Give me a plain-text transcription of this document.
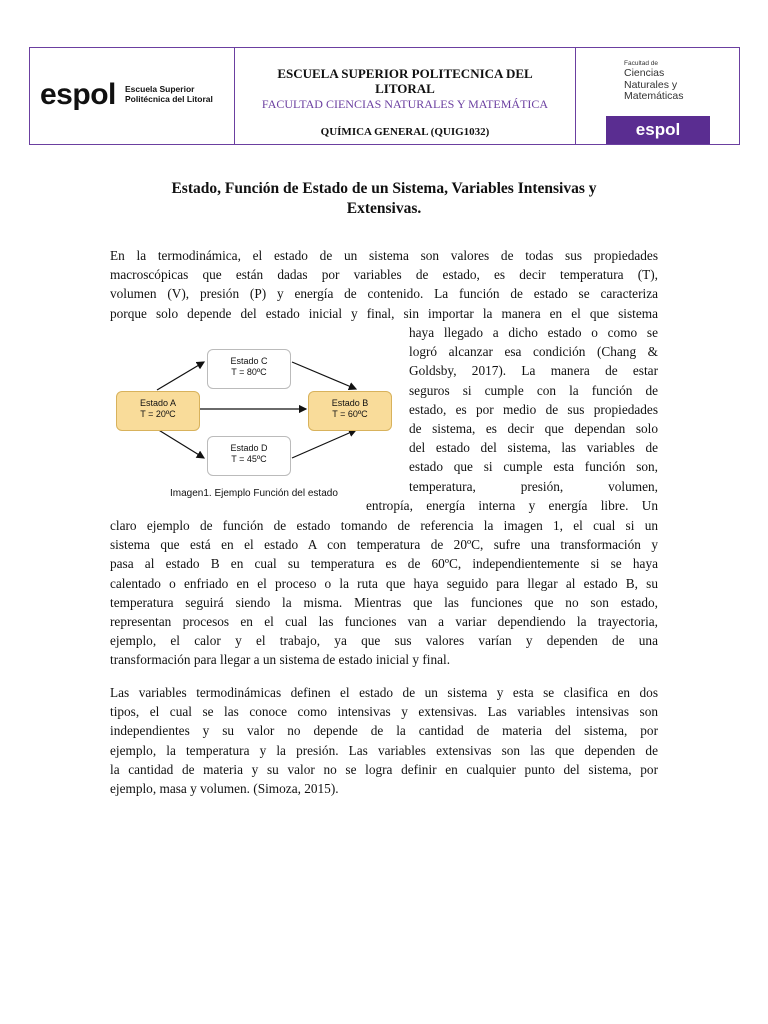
espol Escuela Superior
Politécnica del Litoral
ESCUELA SUPERIOR POLITECNICA DEL
LITORAL
FACULTAD CIENCIAS NATURALES Y MATEMÁTICA
QUÍMICA GENERAL (QUIG1032)
Facultad de
Ciencias
Naturales y
Matemáticas
espol
Estado, Función de Estado de un Sistema, Variables Intensivas y
Extensivas.
En la termodinámica, el estado de un sistema son valores de todas sus propiedades
macroscópicas que están dadas por variables de estado, es decir temperatura (T),
volumen (V), presión (P) y energía de contenido. La función de estado se caracteriza
porque solo depende del estado inicial y final, sin importar la manera en el que sistema
haya llegado a dicho estado o como se
logró alcanzar esa condición (Chang &
Goldsby, 2017). La manera de estar
seguros si cumple con la función de
estado, es por medio de sus propiedades
de sistema, es decir que dependan solo
del estado del sistema, las variables de
estado que si cumple esta función son,
temperatura,       presión,       volumen,
entropía, energía interna y energía libre. Un
claro ejemplo de función de estado tomando de referencia la imagen 1, el cual si un
sistema que está en el estado A con temperatura de 20ºC, sufre una transformación y
pasa al estado B en cual su temperatura es de 60ºC, independientemente si se haya
calentado o enfriado en el proceso o la ruta que haya seguido para llegar al estado B, su
temperatura seguirá siendo la misma. Mientras que las funciones que no son estado,
representan procesos en el cual las funciones van a variar dependiendo la trayectoria,
ejemplo, el calor y el trabajo, ya que sus valores varían y dependen de una
transformación para llegar a un sistema de estado inicial y final.
Estado C
T = 80ºC
Estado A
T = 20ºC
Estado B
T = 60ºC
Estado D
T = 45ºC
Imagen1. Ejemplo Función del estado
Las variables termodinámicas definen el estado de un sistema y esta se clasifica en dos
tipos, el cual se las conoce como intensivas y extensivas. Las variables intensivas son
independientes y su valor no depende de la cantidad de materia del sistema, por
ejemplo, la temperatura y la presión. Las variables extensivas son las que dependen de
la cantidad de materia y su valor no se logra definir en cualquier punto del sistema, por
ejemplo, masa y volumen. (Simoza, 2015).
